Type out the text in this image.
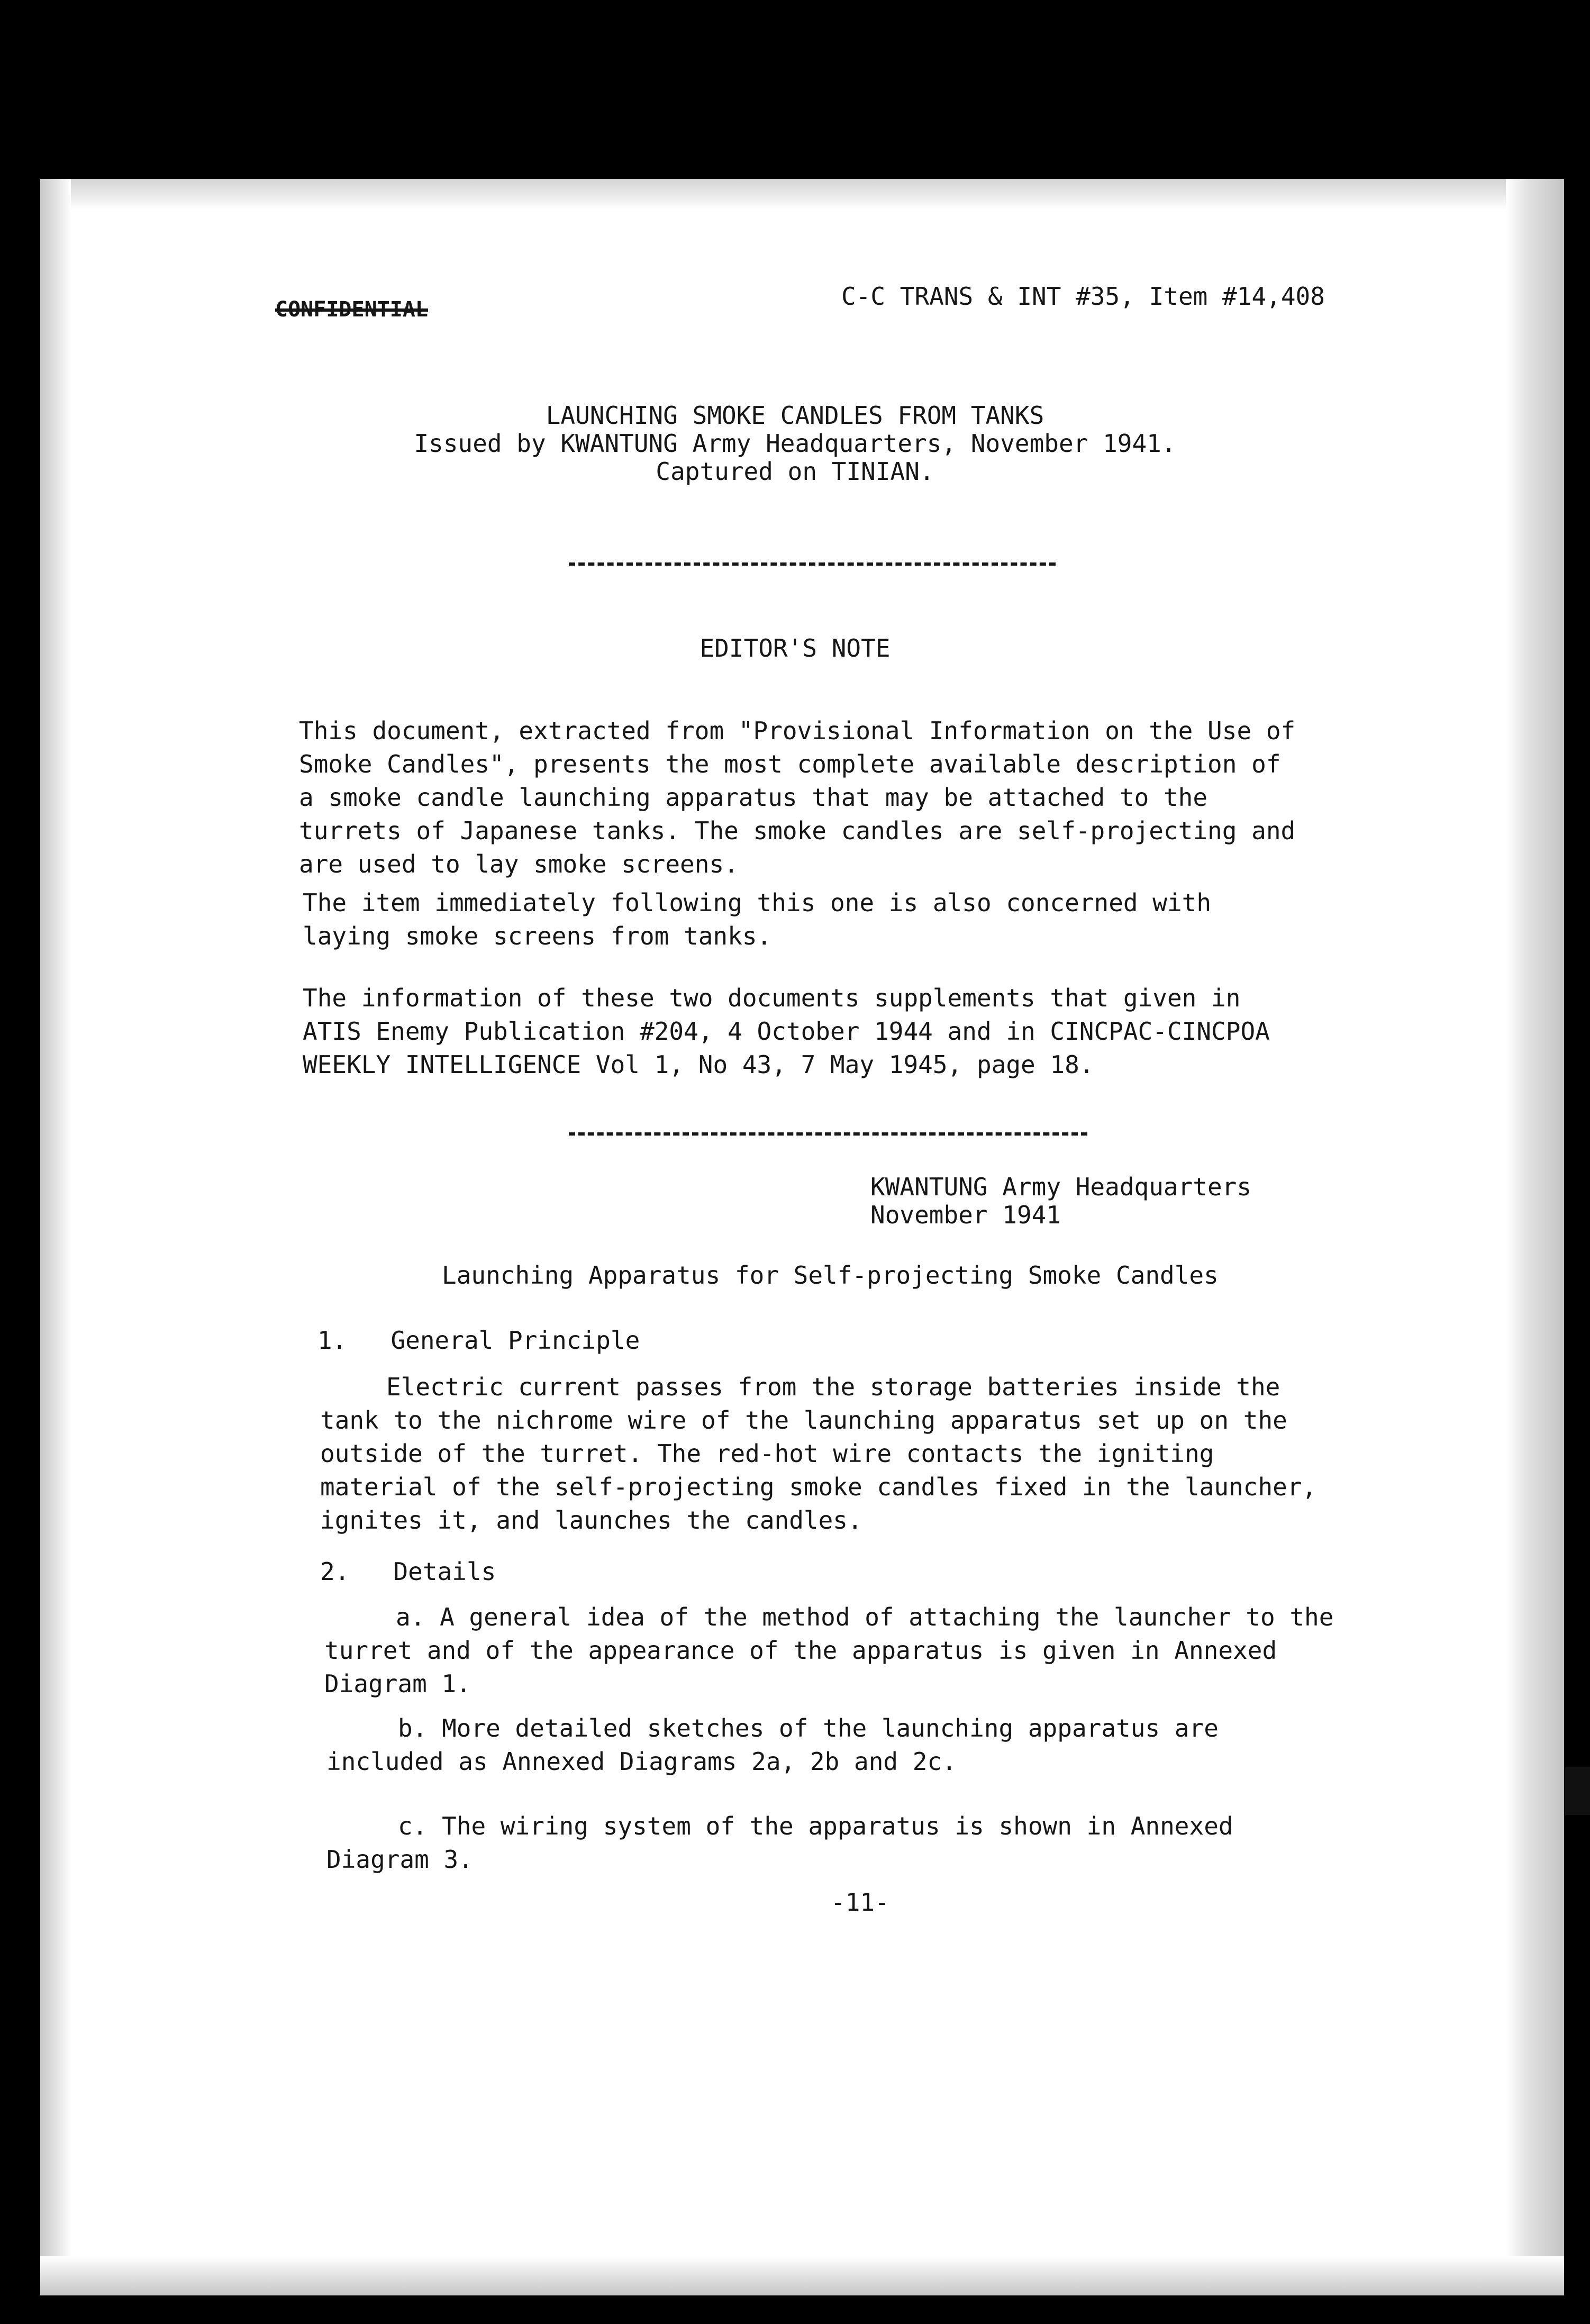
CONFIDENTIAL	C-C TRANS & INT #35, Item #14,408
LAUNCHING SMOKE CANDLES FROM TANKS
Issued by KWANTUNG Army Headquarters, November 1941.
Captured on TINIAN.
EDITOR'S NOTE
This document, extracted from "Provisional Information on the Use of Smoke Candles", presents the most complete available description of a smoke candle launching apparatus that may be attached to the turrets of Japanese tanks. The smoke candles are self-projecting and are used to lay smoke screens.
The item immediately following this one is also concerned with laying smoke screens from tanks.
The information of these two documents supplements that given in ATIS Enemy Publication #204, 4 October 1944 and in CINCPAC-CINCPOA WEEKLY INTELLIGENCE Vol 1, No 43, 7 May 1945, page 18.
KWANTUNG Army Headquarters
November 1941
Launching Apparatus for Self-projecting Smoke Candles
1.   General Principle
Electric current passes from the storage batteries inside the tank to the nichrome wire of the launching apparatus set up on the outside of the turret. The red-hot wire contacts the igniting material of the self-projecting smoke candles fixed in the launcher, ignites it, and launches the candles.
2.   Details
a. A general idea of the method of attaching the launcher to the turret and of the appearance of the apparatus is given in Annexed Diagram 1.
b. More detailed sketches of the launching apparatus are included as Annexed Diagrams 2a, 2b and 2c.
c. The wiring system of the apparatus is shown in Annexed Diagram 3.
-11-
